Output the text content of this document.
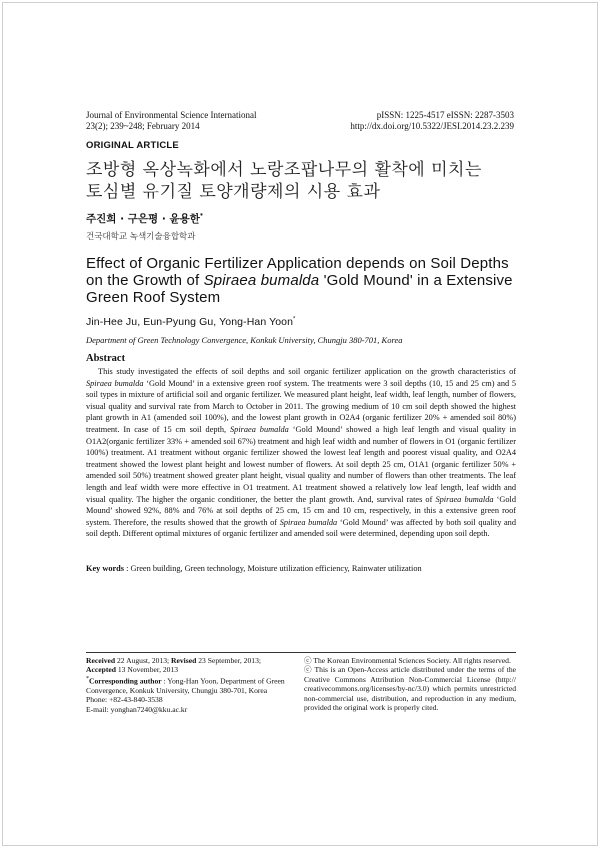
Journal of Environmental Science International
23(2); 239~248; February 2014
pISSN: 1225-4517 eISSN: 2287-3503
http://dx.doi.org/10.5322/JESI.2014.23.2.239
ORIGINAL ARTICLE
조방형 옥상녹화에서 노랑조팝나무의 활착에 미치는
토심별 유기질 토양개량제의 시용 효과
주진희 · 구은평 · 윤용한*
건국대학교 녹색기술융합학과
Effect of Organic Fertilizer Application depends on Soil Depths on the Growth of Spiraea bumalda 'Gold Mound' in a Extensive Green Roof System
Jin-Hee Ju, Eun-Pyung Gu, Yong-Han Yoon*
Department of Green Technology Convergence, Konkuk University, Chungju 380-701, Korea
Abstract

This study investigated the effects of soil depths and soil organic fertilizer application on the growth characteristics of Spiraea bumalda ‘Gold Mound’ in a extensive green roof system. The treatments were 3 soil depths (10, 15 and 25 cm) and 5 soil types in mixture of artificial soil and organic fertilizer. We measured plant height, leaf width, leaf length, number of flowers, visual quality and survival rate from March to October in 2011. The growing medium of 10 cm soil depth showed the highest plant growth in A1 (amended soil 100%), and the lowest plant growth in O2A4 (organic fertilizer 20% + amended soil 80%) treatment. In case of 15 cm soil depth, Spiraea bumalda ‘Gold Mound’ showed a high leaf length and visual quality in O1A2(organic fertilizer 33% + amended soil 67%) treatment and high leaf width and number of flowers in O1 (organic fertilizer 100%) treatment. A1 treatment without organic fertilizer showed the lowest leaf length and poorest visual quality, and O2A4 treatment showed the lowest plant height and lowest number of flowers. At soil depth 25 cm, O1A1 (organic fertilizer 50% + amended soil 50%) treatment showed greater plant height, visual quality and number of flowers than other treatments. The leaf length and leaf width were more effective in O1 treatment. A1 treatment showed a relatively low leaf length, leaf width and visual quality. The higher the organic conditioner, the better the plant growth. And, survival rates of Spiraea bumalda ‘Gold Mound’ showed 92%, 88% and 76% at soil depths of 25 cm, 15 cm and 10 cm, respectively, in this a extensive green roof system. Therefore, the results showed that the growth of Spiraea bumalda ‘Gold Mound’ was affected by both soil quality and soil depth. Different optimal mixtures of organic fertilizer and amended soil were determined, depending upon soil depth.

Key words : Green building, Green technology, Moisture utilization efficiency, Rainwater utilization
Received 22 August, 2013; Revised 23 September, 2013;
Accepted 13 November, 2013
*Corresponding author : Yong-Han Yoon, Department of Green Convergence, Konkuk University, Chungju 380-701, Korea
Phone: +82-43-840-3538
E-mail: yonghan7240@kku.ac.kr
ⓒ The Korean Environmental Sciences Society. All rights reserved.
ⓒ This is an Open-Access article distributed under the terms of the Creative Commons Attribution Non-Commercial License (http:// creativecommons.org/licenses/by-nc/3.0) which permits unrestricted non-commercial use, distribution, and reproduction in any medium, provided the original work is properly cited.
